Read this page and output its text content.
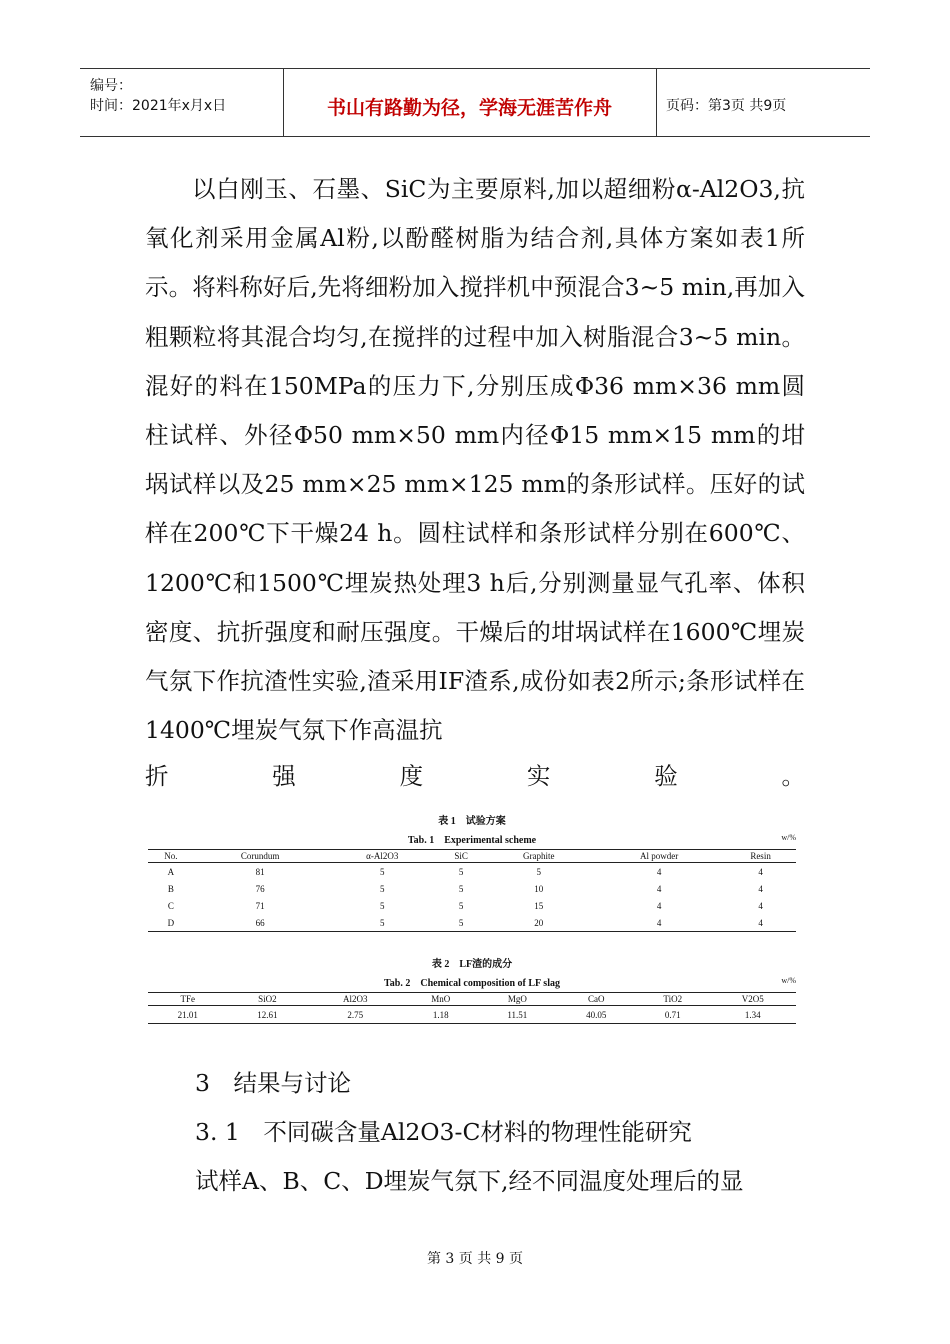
编号：
时间：2021年x月x日	书山有路勤为径，学海无涯苦作舟	页码：第3页 共9页

以白刚玉、石墨、SiC为主要原料,加以超细粉α-Al2O3,抗氧化剂采用金属Al粉,以酚醛树脂为结合剂,具体方案如表1所示。将料称好后,先将细粉加入搅拌机中预混合3~5 min,再加入粗颗粒将其混合均匀,在搅拌的过程中加入树脂混合3~5 min。混好的料在150MPa的压力下,分别压成Φ36 mm×36 mm圆柱试样、外径Φ50 mm×50 mm内径Φ15 mm×15 mm的坩埚试样以及25 mm×25 mm×125 mm的条形试样。压好的试样在200℃下干燥24 h。圆柱试样和条形试样分别在600℃、1200℃和1500℃埋炭热处理3 h后,分别测量显气孔率、体积密度、抗折强度和耐压强度。干燥后的坩埚试样在1600℃埋炭气氛下作抗渣性实验,渣采用IF渣系,成份如表2所示;条形试样在1400℃埋炭气氛下作高温抗

折	强	度	实	验	。
表 1　试验方案
Tab. 1　Experimental scheme	w/%
No.	Corundum	α-Al2O3	SiC	Graphite	Al powder	Resin
A	81	5	5	5	4	4
B	76	5	5	10	4	4
C	71	5	5	15	4	4
D	66	5	5	20	4	4
表 2　LF渣的成分
Tab. 2　Chemical composition of LF slag	w/%
TFe	SiO2	Al2O3	MnO	MgO	CaO	TiO2	V2O5
21.01	12.61	2.75	1.18	11.51	40.05	0.71	1.34
3　结果与讨论
3. 1　不同碳含量Al2O3-C材料的物理性能研究
试样A、B、C、D埋炭气氛下,经不同温度处理后的显
第 3 页 共 9 页
